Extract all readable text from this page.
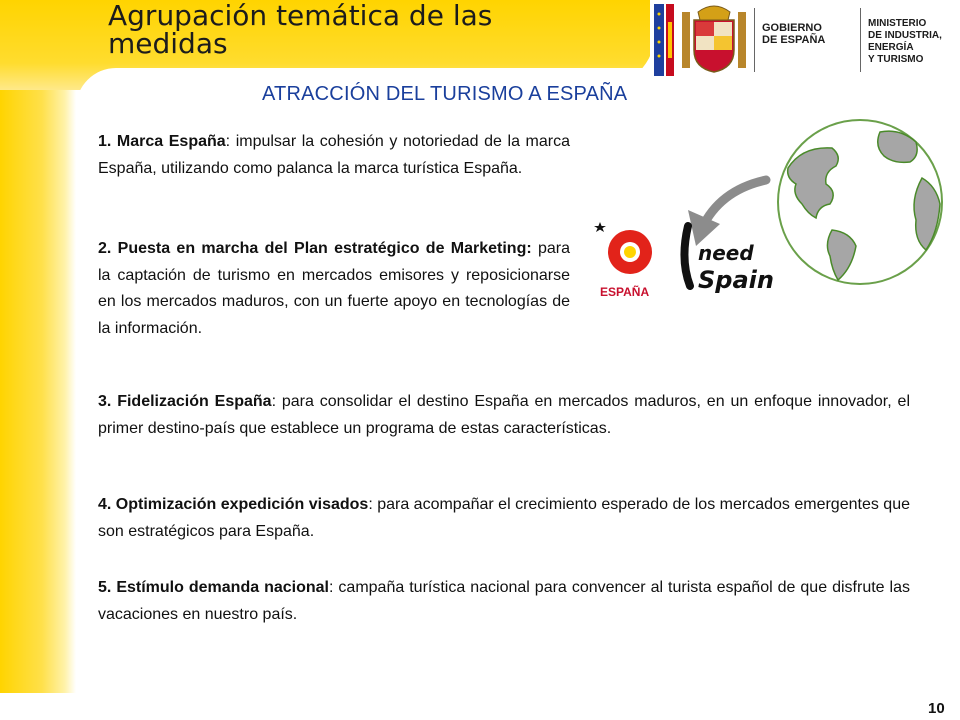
Agrupación temática de las medidas	GOBIERNO
DE ESPAÑA
MINISTERIO
DE INDUSTRIA, ENERGÍA
Y TURISMO
ATRACCIÓN DEL TURISMO A ESPAÑA
ESPAÑA
need
Spain
1. Marca España: impulsar la cohesión y notoriedad de la marca España, utilizando como palanca la marca turística España.
2. Puesta en marcha del Plan estratégico de Marketing: para la captación de turismo en mercados emisores y reposicionarse en los mercados maduros, con un fuerte apoyo en tecnologías de la información.
3. Fidelización España: para consolidar el destino España en mercados maduros, en un enfoque innovador, el primer destino-país que establece un programa de estas características.
4. Optimización expedición visados: para acompañar el crecimiento esperado de los mercados emergentes que son estratégicos para España.
5. Estímulo demanda nacional: campaña turística nacional para convencer al turista español de que disfrute las vacaciones en nuestro país.
10
